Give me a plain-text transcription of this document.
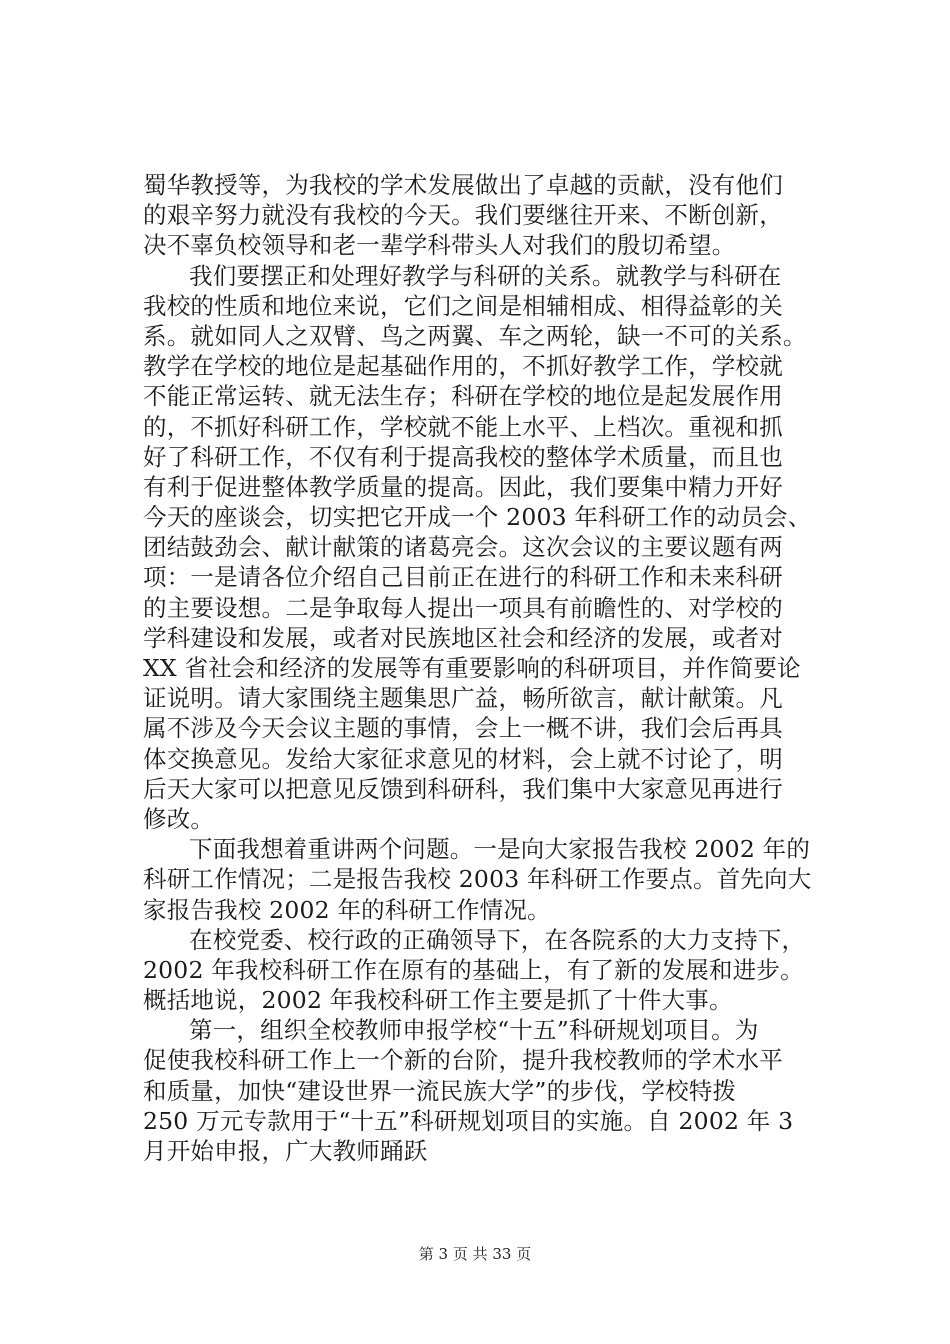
蜀华教授等，为我校的学术发展做出了卓越的贡献，没有他们
的艰辛努力就没有我校的今天。我们要继往开来、不断创新，
决不辜负校领导和老一辈学科带头人对我们的殷切希望。
我们要摆正和处理好教学与科研的关系。就教学与科研在
我校的性质和地位来说，它们之间是相辅相成、相得益彰的关
系。就如同人之双臂、鸟之两翼、车之两轮，缺一不可的关系。
教学在学校的地位是起基础作用的，不抓好教学工作，学校就
不能正常运转、就无法生存；科研在学校的地位是起发展作用
的，不抓好科研工作，学校就不能上水平、上档次。重视和抓
好了科研工作，不仅有利于提高我校的整体学术质量，而且也
有利于促进整体教学质量的提高。因此，我们要集中精力开好
今天的座谈会，切实把它开成一个 2003 年科研工作的动员会、
团结鼓劲会、献计献策的诸葛亮会。这次会议的主要议题有两
项：一是请各位介绍自己目前正在进行的科研工作和未来科研
的主要设想。二是争取每人提出一项具有前瞻性的、对学校的
学科建设和发展，或者对民族地区社会和经济的发展，或者对
XX 省社会和经济的发展等有重要影响的科研项目，并作简要论
证说明。请大家围绕主题集思广益，畅所欲言，献计献策。凡
属不涉及今天会议主题的事情，会上一概不讲，我们会后再具
体交换意见。发给大家征求意见的材料，会上就不讨论了，明
后天大家可以把意见反馈到科研科，我们集中大家意见再进行
修改。
下面我想着重讲两个问题。一是向大家报告我校 2002 年的
科研工作情况；二是报告我校 2003 年科研工作要点。首先向大
家报告我校 2002 年的科研工作情况。
在校党委、校行政的正确领导下，在各院系的大力支持下，
2002 年我校科研工作在原有的基础上，有了新的发展和进步。
概括地说，2002 年我校科研工作主要是抓了十件大事。
第一，组织全校教师申报学校“十五”科研规划项目。为
促使我校科研工作上一个新的台阶，提升我校教师的学术水平
和质量，加快“建设世界一流民族大学”的步伐，学校特拨
250 万元专款用于“十五”科研规划项目的实施。自 2002 年 3
月开始申报，广大教师踊跃
第 3 页 共 33 页
